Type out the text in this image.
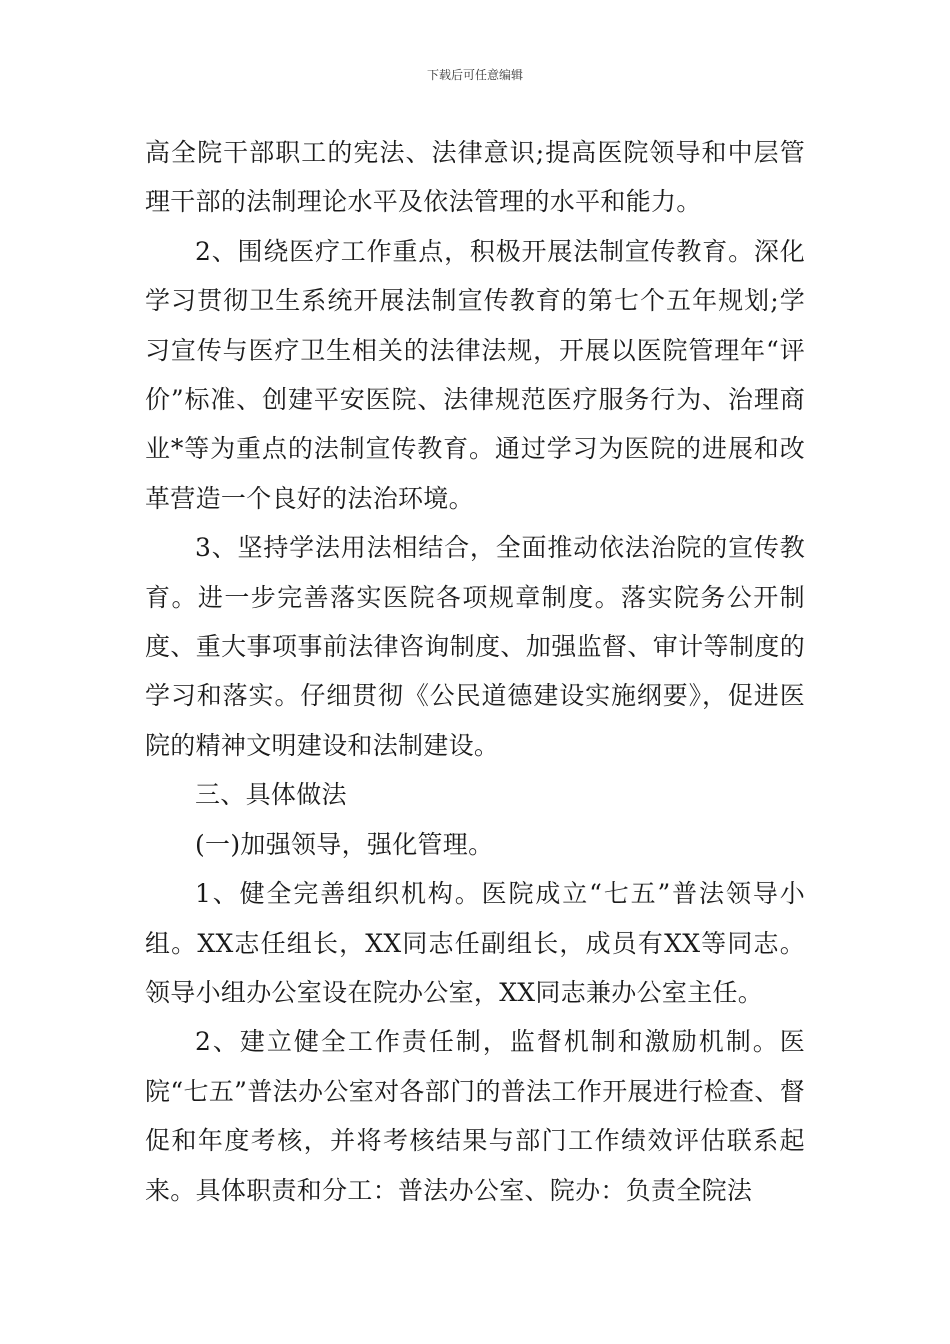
下载后可任意编辑

高全院干部职工的宪法、法律意识;提高医院领导和中层管理干部的法制理论水平及依法管理的水平和能力。

2、围绕医疗工作重点，积极开展法制宣传教育。深化学习贯彻卫生系统开展法制宣传教育的第七个五年规划;学习宣传与医疗卫生相关的法律法规，开展以医院管理年“评价”标准、创建平安医院、法律规范医疗服务行为、治理商业*等为重点的法制宣传教育。通过学习为医院的进展和改革营造一个良好的法治环境。

3、坚持学法用法相结合，全面推动依法治院的宣传教育。进一步完善落实医院各项规章制度。落实院务公开制度、重大事项事前法律咨询制度、加强监督、审计等制度的学习和落实。仔细贯彻《公民道德建设实施纲要》，促进医院的精神文明建设和法制建设。

三、具体做法

(一)加强领导，强化管理。

1、健全完善组织机构。医院成立“七五”普法领导小组。XX志任组长，XX同志任副组长，成员有XX等同志。领导小组办公室设在院办公室，XX同志兼办公室主任。

2、建立健全工作责任制，监督机制和激励机制。医院“七五”普法办公室对各部门的普法工作开展进行检查、督促和年度考核，并将考核结果与部门工作绩效评估联系起来。具体职责和分工：普法办公室、院办：负责全院法
